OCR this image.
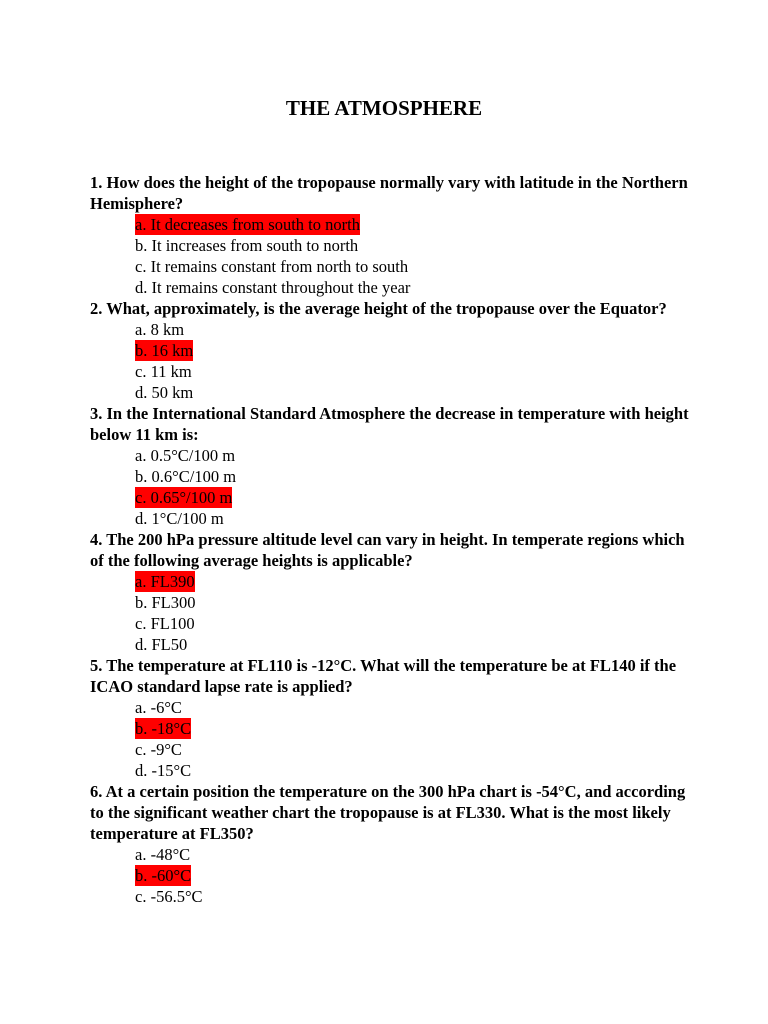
THE ATMOSPHERE

1. How does the height of the tropopause normally vary with latitude in the Northern Hemisphere?

a. It decreases from south to north
b. It increases from south to north
c. It remains constant from north to south
d. It remains constant throughout the year

2. What, approximately, is the average height of the tropopause over the Equator?

a. 8 km
b. 16 km
c. 11 km
d. 50 km

3. In the International Standard Atmosphere the decrease in temperature with height below 11 km is:

a. 0.5°C/100 m
b. 0.6°C/100 m
c. 0.65°/100 m
d. 1°C/100 m

4. The 200 hPa pressure altitude level can vary in height. In temperate regions which of the following average heights is applicable?

a. FL390
b. FL300
c. FL100
d. FL50

5. The temperature at FL110 is -12°C. What will the temperature be at FL140 if the ICAO standard lapse rate is applied?

a. -6°C
b. -18°C
c. -9°C
d. -15°C

6. At a certain position the temperature on the 300 hPa chart is -54°C, and according to the significant weather chart the tropopause is at FL330. What is the most likely temperature at FL350?

a. -48°C
b. -60°C
c. -56.5°C
